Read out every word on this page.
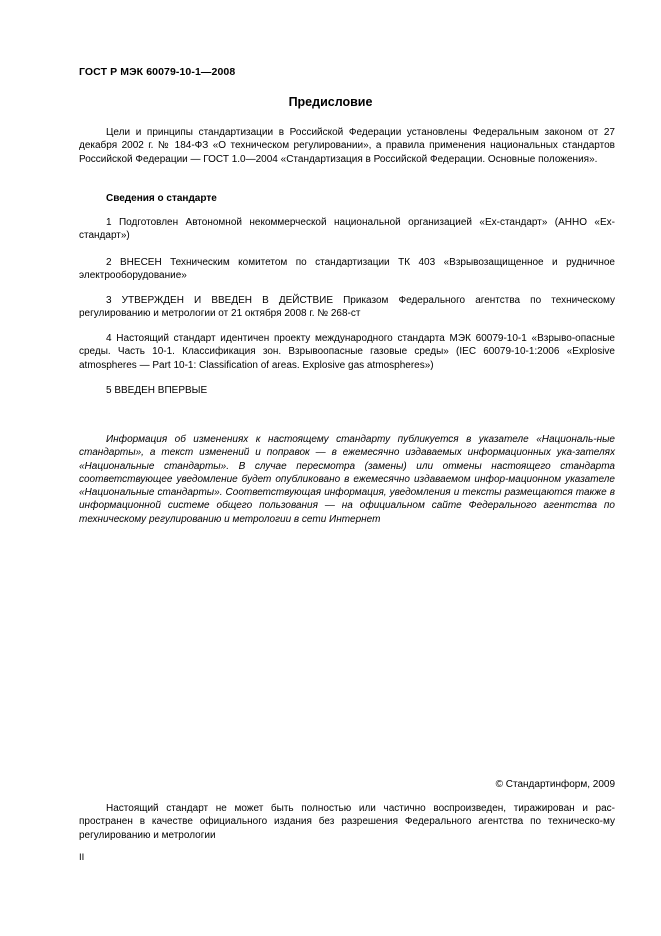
ГОСТ Р МЭК 60079-10-1—2008
Предисловие
Цели и принципы стандартизации в Российской Федерации установлены Федеральным законом от 27 декабря 2002 г. № 184-ФЗ «О техническом регулировании», а правила применения национальных стандартов Российской Федерации — ГОСТ 1.0—2004 «Стандартизация в Российской Федерации. Основные положения».
Сведения о стандарте
1 Подготовлен Автономной некоммерческой национальной организацией «Ех-стандарт» (АННО «Ех-стандарт»)
2 ВНЕСЕН Техническим комитетом по стандартизации ТК 403 «Взрывозащищенное и рудничное электрооборудование»
3 УТВЕРЖДЕН И ВВЕДЕН В ДЕЙСТВИЕ Приказом Федерального агентства по техническому регулированию и метрологии от 21 октября 2008 г. № 268-ст
4 Настоящий стандарт идентичен проекту международного стандарта МЭК 60079-10-1 «Взрыво-опасные среды. Часть 10-1. Классификация зон. Взрывоопасные газовые среды» (IEC 60079-10-1:2006 «Explosive atmospheres — Part 10-1: Classification of areas. Explosive gas atmospheres»)
5 ВВЕДЕН ВПЕРВЫЕ
Информация об изменениях к настоящему стандарту публикуется в указателе «Националь-ные стандарты», а текст изменений и поправок — в ежемесячно издаваемых информационных ука-зателях «Национальные стандарты». В случае пересмотра (замены) или отмены настоящего стандарта соответствующее уведомление будет опубликовано в ежемесячно издаваемом инфор-мационном указателе «Национальные стандарты». Соответствующая информация, уведомления и тексты размещаются также в информационной системе общего пользования — на официальном сайте Федерального агентства по техническому регулированию и метрологии в сети Интернет
© Стандартинформ, 2009
Настоящий стандарт не может быть полностью или частично воспроизведен, тиражирован и рас-пространен в качестве официального издания без разрешения Федерального агентства по техническо-му регулированию и метрологии
II
